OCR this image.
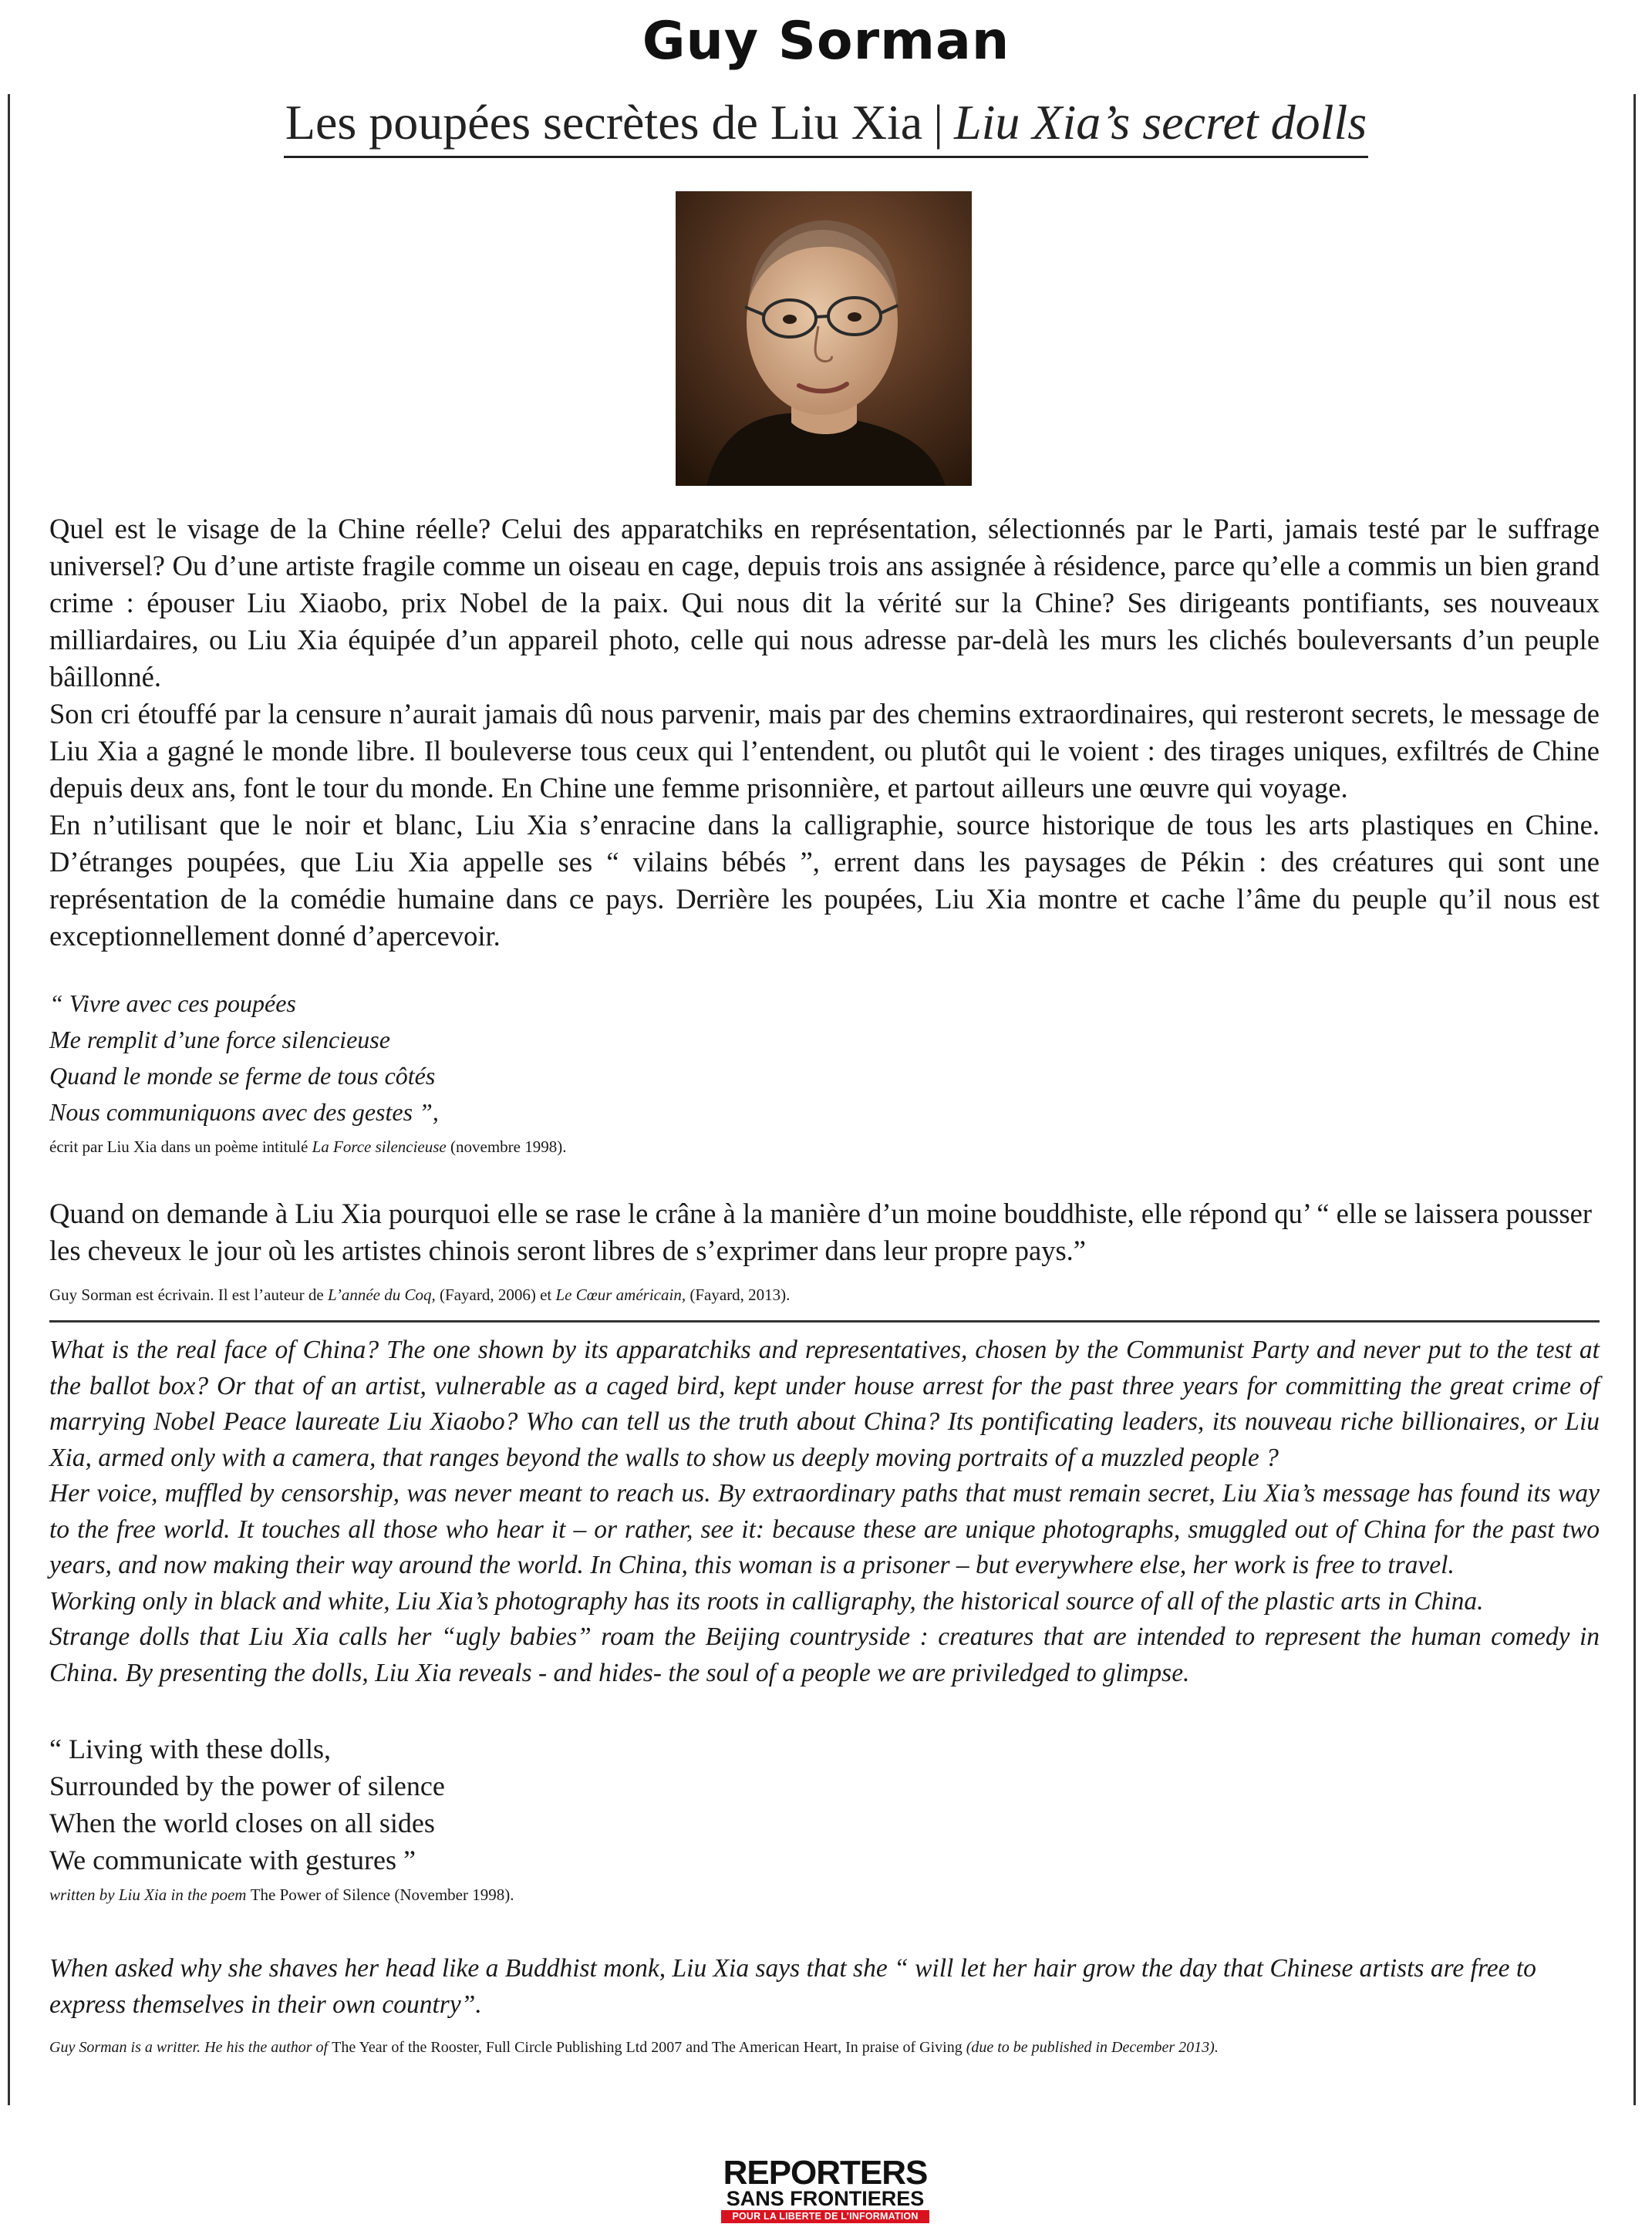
Guy Sorman
Les poupées secrètes de Liu Xia | Liu Xia’s secret dolls

Quel est le visage de la Chine réelle? Celui des apparatchiks en représentation, sélectionnés par le Parti, jamais testé par le suffrage universel? Ou d’une artiste fragile comme un oiseau en cage, depuis trois ans assignée à résidence, parce qu’elle a commis un bien grand crime : épouser Liu Xiaobo, prix Nobel de la paix. Qui nous dit la vérité sur la Chine? Ses dirigeants pontifiants, ses nouveaux milliardaires, ou Liu Xia équipée d’un appareil photo, celle qui nous adresse par-delà les murs les clichés bouleversants d’un peuple bâillonné.

Son cri étouffé par la censure n’aurait jamais dû nous parvenir, mais par des chemins extraordinaires, qui resteront secrets, le message de Liu Xia a gagné le monde libre. Il bouleverse tous ceux qui l’entendent, ou plutôt qui le voient : des tirages uniques, exfiltrés de Chine depuis deux ans, font le tour du monde. En Chine une femme prisonnière, et partout ailleurs une œuvre qui voyage.

En n’utilisant que le noir et blanc, Liu Xia s’enracine dans la calligraphie, source historique de tous les arts plastiques en Chine. D’étranges poupées, que Liu Xia appelle ses “ vilains bébés ”, errent dans les paysages de Pékin : des créatures qui sont une représentation de la comédie humaine dans ce pays. Derrière les poupées, Liu Xia montre et cache l’âme du peuple qu’il nous est exceptionnellement donné d’apercevoir.

“ Vivre avec ces poupées
Me remplit d’une force silencieuse
Quand le monde se ferme de tous côtés
Nous communiquons avec des gestes ”,
écrit par Liu Xia dans un poème intitulé La Force silencieuse (novembre 1998).
Quand on demande à Liu Xia pourquoi elle se rase le crâne à la manière d’un moine bouddhiste, elle répond qu’ “ elle se laissera pousser les cheveux le jour où les artistes chinois seront libres de s’exprimer dans leur propre pays.”
Guy Sorman est écrivain. Il est l’auteur de L’année du Coq, (Fayard, 2006) et Le Cœur américain, (Fayard, 2013).

What is the real face of China? The one shown by its apparatchiks and representatives, chosen by the Communist Party and never put to the test at the ballot box? Or that of an artist, vulnerable as a caged bird, kept under house arrest for the past three years for committing the great crime of marrying Nobel Peace laureate Liu Xiaobo? Who can tell us the truth about China? Its pontificating leaders, its nouveau riche billionaires, or Liu Xia, armed only with a camera, that ranges beyond the walls to show us deeply moving portraits of a muzzled people ?

Her voice, muffled by censorship, was never meant to reach us. By extraordinary paths that must remain secret, Liu Xia’s message has found its way to the free world. It touches all those who hear it – or rather, see it: because these are unique photographs, smuggled out of China for the past two years, and now making their way around the world. In China, this woman is a prisoner – but everywhere else, her work is free to travel.

Working only in black and white, Liu Xia’s photography has its roots in calligraphy, the historical source of all of the plastic arts in China.

Strange dolls that Liu Xia calls her “ugly babies” roam the Beijing countryside : creatures that are intended to represent the human comedy in China. By presenting the dolls, Liu Xia reveals - and hides- the soul of a people we are priviledged to glimpse.

“ Living with these dolls,
Surrounded by the power of silence
When the world closes on all sides
We communicate with gestures ”
written by Liu Xia in the poem The Power of Silence (November 1998).
When asked why she shaves her head like a Buddhist monk, Liu Xia says that she “ will let her hair grow the day that Chinese artists are free to express themselves in their own country”.
Guy Sorman is a writter. He his the author of The Year of the Rooster, Full Circle Publishing Ltd 2007 and The American Heart, In praise of Giving (due to be published in December 2013).
REPORTERS
SANS FRONTIERES
POUR LA LIBERTE DE L’INFORMATION
